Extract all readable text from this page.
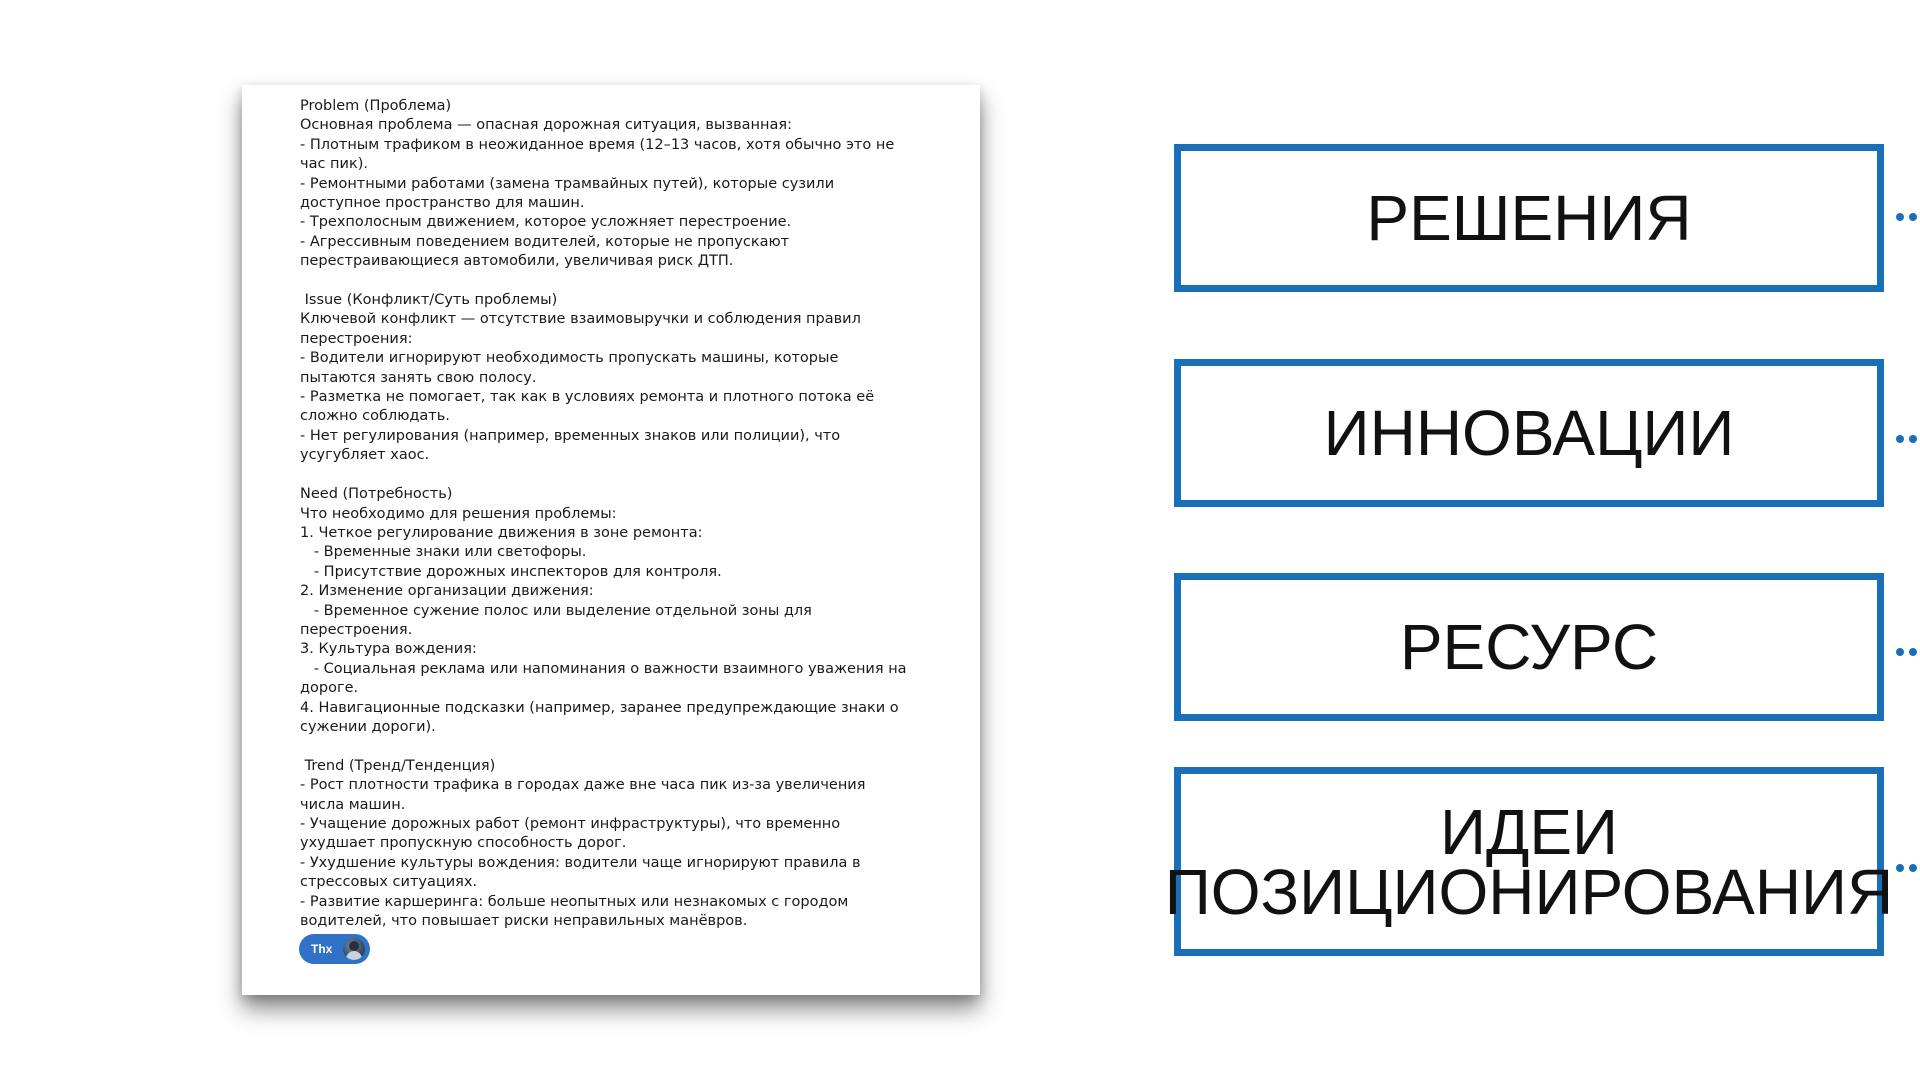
Problem (Проблема)
Основная проблема — опасная дорожная ситуация, вызванная:
- Плотным трафиком в неожиданное время (12–13 часов, хотя обычно это не
час пик).
- Ремонтными работами (замена трамвайных путей), которые сузили
доступное пространство для машин.
- Трехполосным движением, которое усложняет перестроение.
- Агрессивным поведением водителей, которые не пропускают
перестраивающиеся автомобили, увеличивая риск ДТП.
Issue (Конфликт/Суть проблемы)
Ключевой конфликт — отсутствие взаимовыручки и соблюдения правил
перестроения:
- Водители игнорируют необходимость пропускать машины, которые
пытаются занять свою полосу.
- Разметка не помогает, так как в условиях ремонта и плотного потока её
сложно соблюдать.
- Нет регулирования (например, временных знаков или полиции), что
усугубляет хаос.
Need (Потребность)
Что необходимо для решения проблемы:
1. Четкое регулирование движения в зоне ремонта:
- Временные знаки или светофоры.
- Присутствие дорожных инспекторов для контроля.
2. Изменение организации движения:
- Временное сужение полос или выделение отдельной зоны для
перестроения.
3. Культура вождения:
- Социальная реклама или напоминания о важности взаимного уважения на
дороге.
4. Навигационные подсказки (например, заранее предупреждающие знаки о
сужении дороги).
Trend (Тренд/Тенденция)
- Рост плотности трафика в городах даже вне часа пик из-за увеличения
числа машин.
- Учащение дорожных работ (ремонт инфраструктуры), что временно
ухудшает пропускную способность дорог.
- Ухудшение культуры вождения: водители чаще игнорируют правила в
стрессовых ситуациях.
- Развитие каршеринга: больше неопытных или незнакомых с городом
водителей, что повышает риски неправильных манёвров.
Thx
РЕШЕНИЯ
ИННОВАЦИИ
РЕСУРС
ИДЕИ
ПОЗИЦИОНИРОВАНИЯ
